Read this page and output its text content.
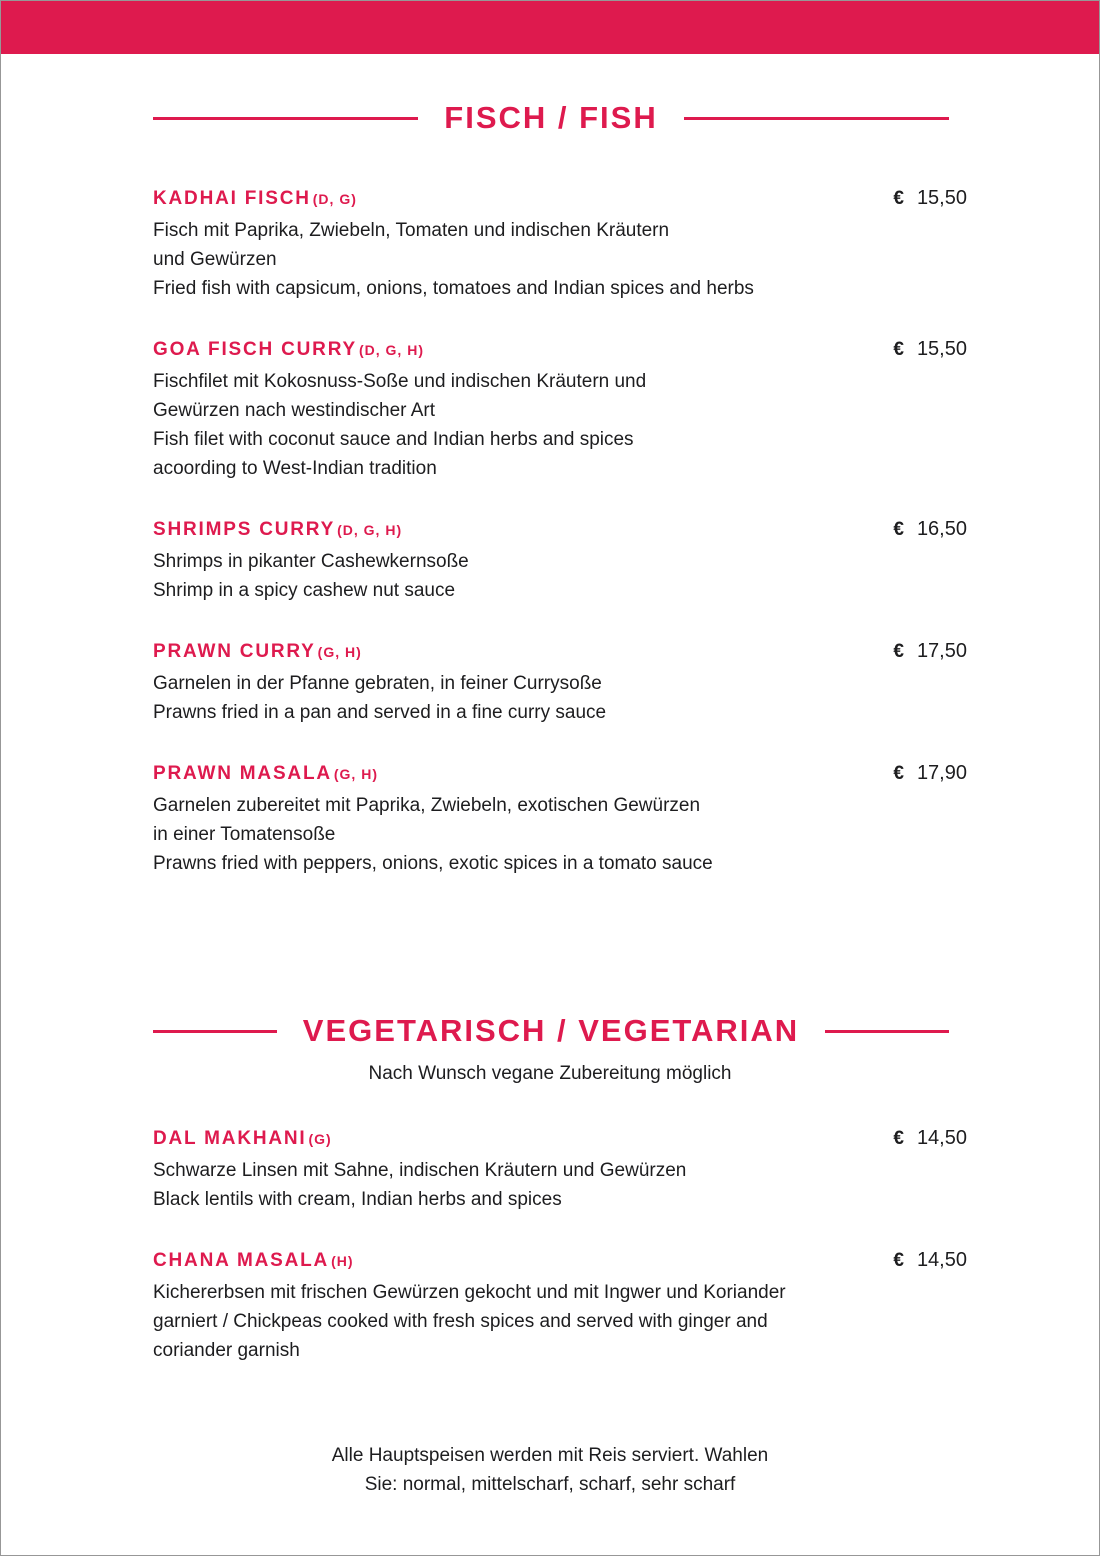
FISCH / FISH
KADHAI FISCH (D, G)	€ 15,50
Fisch mit Paprika, Zwiebeln, Tomaten und indischen Kräutern
und Gewürzen
Fried fish with capsicum, onions, tomatoes and Indian spices and herbs
GOA FISCH CURRY (D, G, H)	€ 15,50
Fischfilet mit Kokosnuss-Soße und indischen Kräutern und
Gewürzen nach westindischer Art
Fish filet with coconut sauce and Indian herbs and spices
acoording to West-Indian tradition
SHRIMPS CURRY (D, G, H)	€ 16,50
Shrimps in pikanter Cashewkernsoße
Shrimp in a spicy cashew nut sauce
PRAWN CURRY (G, H)	€ 17,50
Garnelen in der Pfanne gebraten, in feiner Currysoße
Prawns fried in a pan and served in a fine curry sauce
PRAWN MASALA (G, H)	€ 17,90
Garnelen zubereitet mit Paprika, Zwiebeln, exotischen Gewürzen
in einer Tomatensoße
Prawns fried with peppers, onions, exotic spices in a tomato sauce
VEGETARISCH / VEGETARIAN
Nach Wunsch vegane Zubereitung möglich
DAL MAKHANI (G)	€ 14,50
Schwarze Linsen mit Sahne, indischen Kräutern und Gewürzen
Black lentils with cream, Indian herbs and spices
CHANA MASALA (H)	€ 14,50
Kichererbsen mit frischen Gewürzen gekocht und mit Ingwer und Koriander
garniert / Chickpeas cooked with fresh spices and served with ginger and
coriander garnish
Alle Hauptspeisen werden mit Reis serviert. Wahlen
Sie: normal, mittelscharf, scharf, sehr scharf
